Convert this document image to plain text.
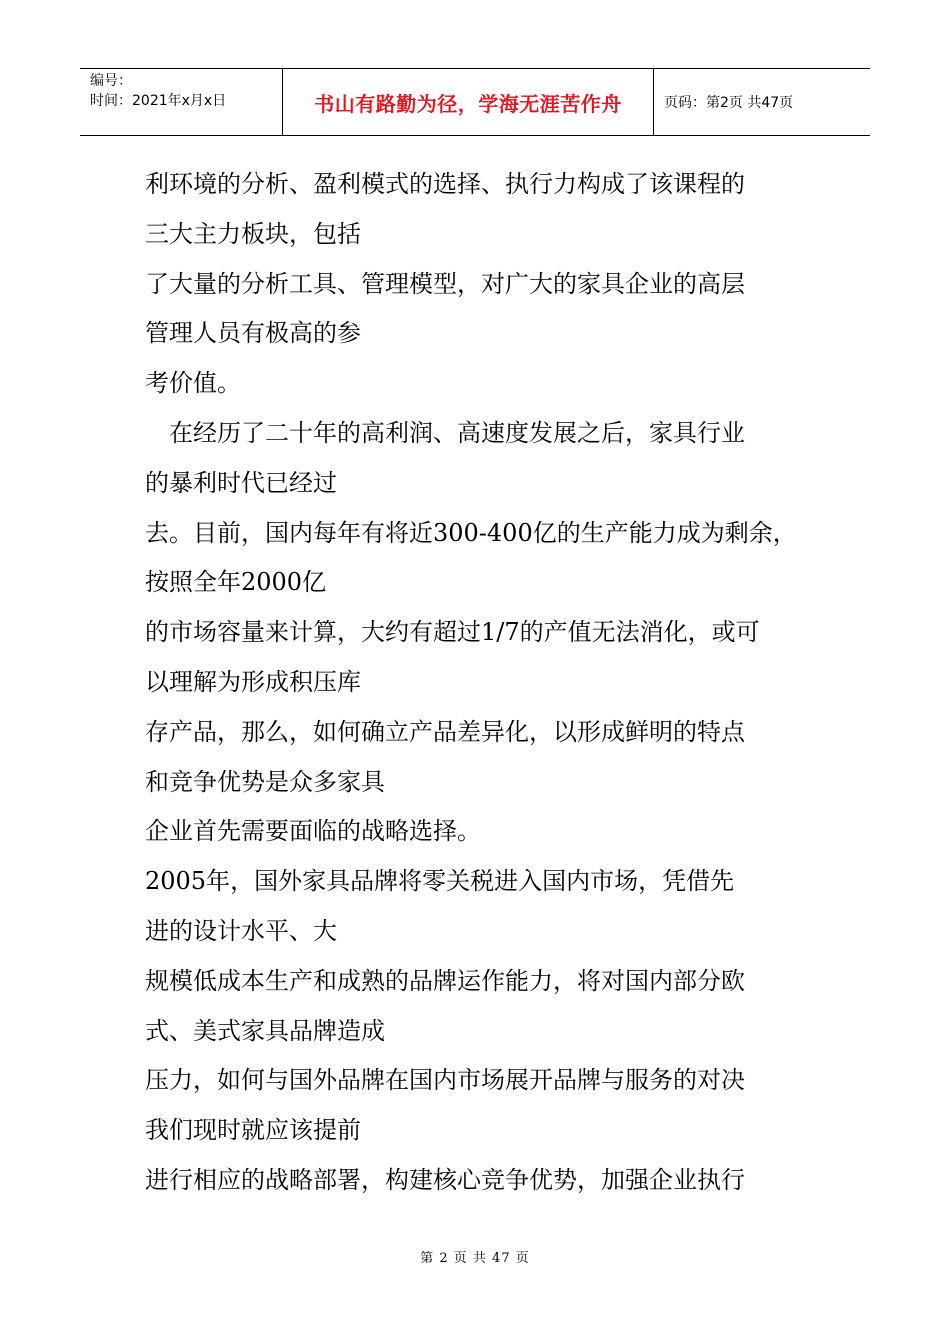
编号：
时间：2021年x月x日	书山有路勤为径，学海无涯苦作舟	页码：第2页 共47页
利环境的分析、盈利模式的选择、执行力构成了该课程的
三大主力板块，包括
了大量的分析工具、管理模型，对广大的家具企业的高层
管理人员有极高的参
考价值。
　在经历了二十年的高利润、高速度发展之后，家具行业
的暴利时代已经过
去。目前，国内每年有将近300-400亿的生产能力成为剩余，
按照全年2000亿
的市场容量来计算，大约有超过1/7的产值无法消化，或可
以理解为形成积压库
存产品，那么，如何确立产品差异化，以形成鲜明的特点
和竞争优势是众多家具
企业首先需要面临的战略选择。
2005年，国外家具品牌将零关税进入国内市场，凭借先
进的设计水平、大
规模低成本生产和成熟的品牌运作能力，将对国内部分欧
式、美式家具品牌造成
压力，如何与国外品牌在国内市场展开品牌与服务的对决
我们现时就应该提前
进行相应的战略部署，构建核心竞争优势，加强企业执行
第 2 页 共 47 页
